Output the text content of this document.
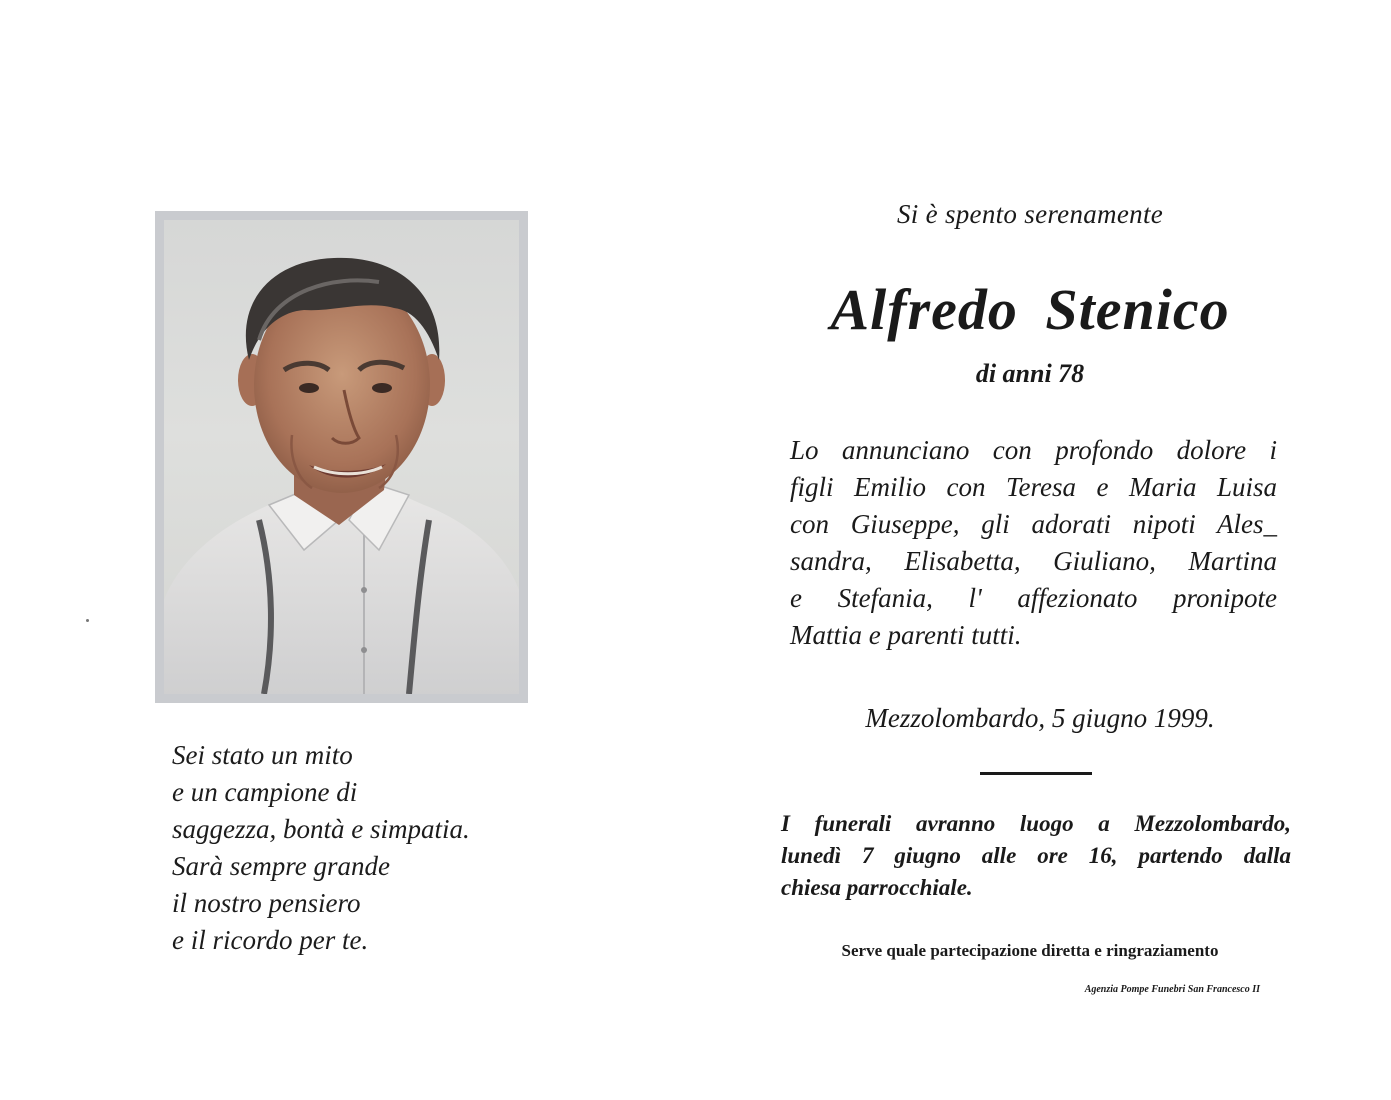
Sei stato un mito
e un campione di
saggezza, bontà e simpatia.
Sarà sempre grande
il nostro pensiero
e il ricordo per te.
Si è spento serenamente
Alfredo Stenico
di anni 78
Lo annunciano con profondo dolore i
figli Emilio con Teresa e Maria Luisa
con Giuseppe, gli adorati nipoti Ales_
sandra, Elisabetta, Giuliano, Martina
e Stefania, l' affezionato pronipote
Mattia e parenti tutti.
Mezzolombardo, 5 giugno 1999.
I funerali avranno luogo a Mezzolombardo,
lunedì 7 giugno alle ore 16, partendo dalla
chiesa parrocchiale.
Serve quale partecipazione diretta e ringraziamento
Agenzia Pompe Funebri San Francesco II
